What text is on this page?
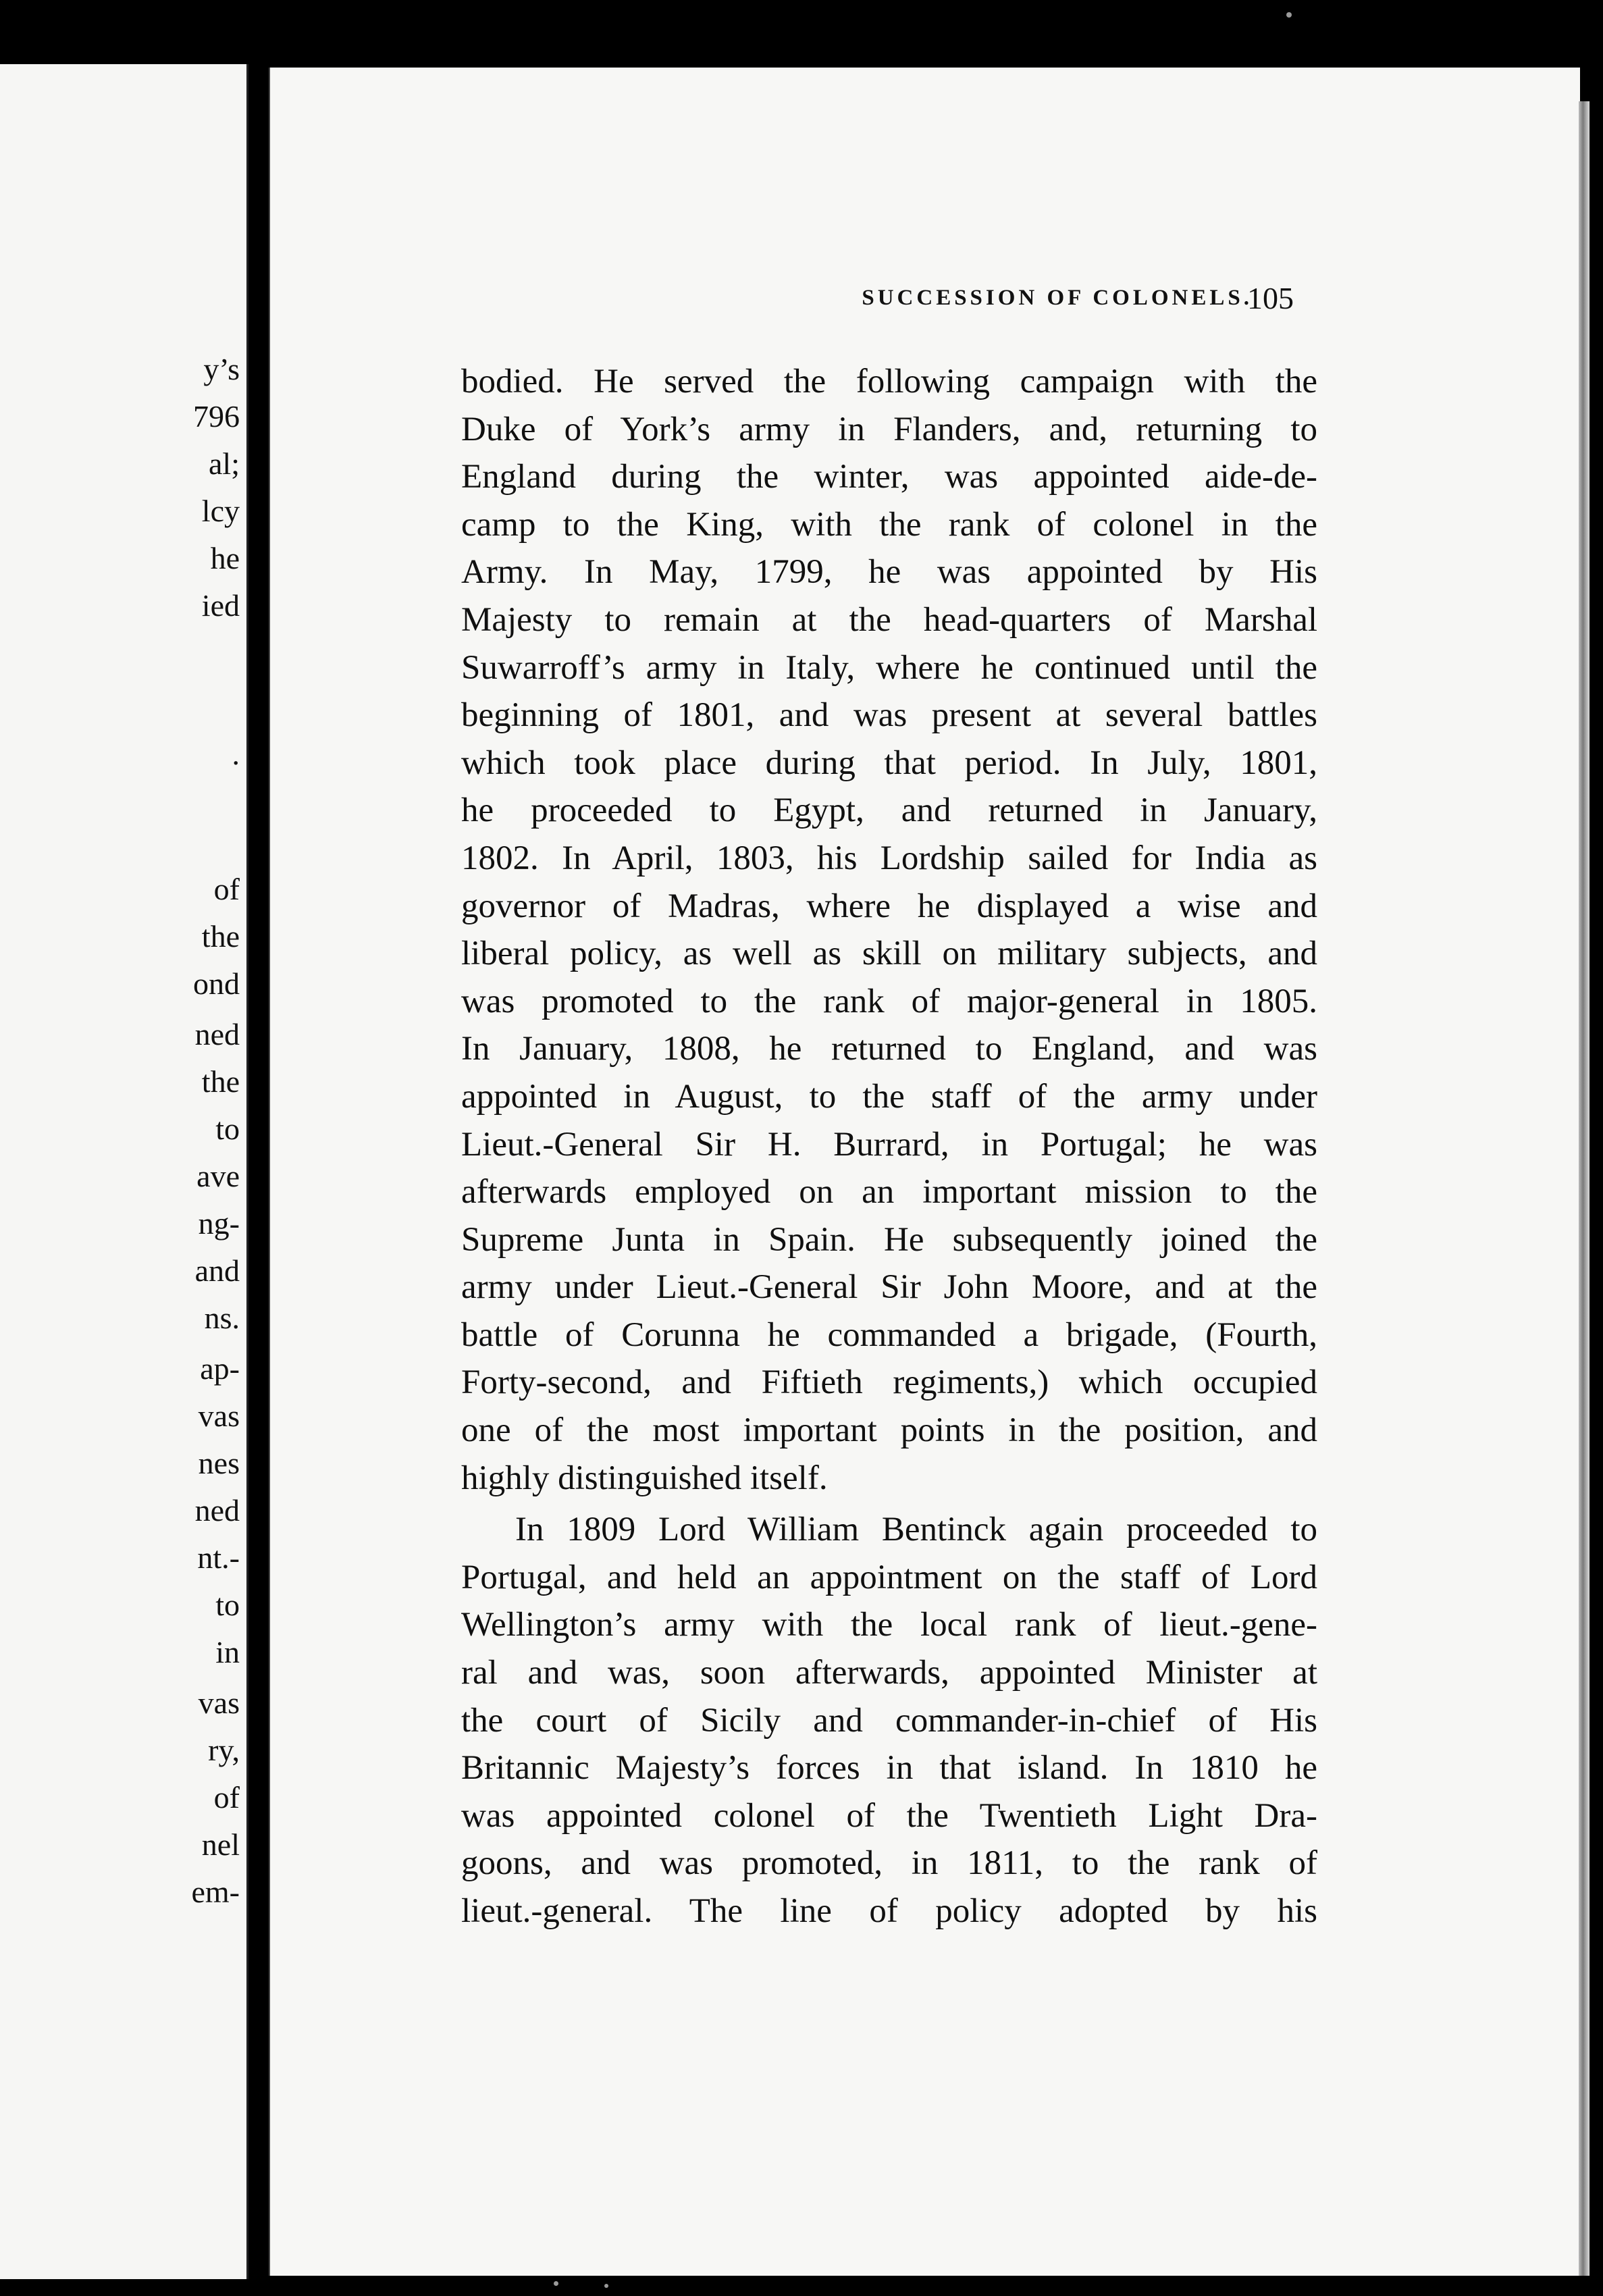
y’s
796
al;
lcy
he
ied
.
of
the
ond
ned
the
to
ave
ng-
and
ns.
ap-
vas
nes
ned
nt.-
to
in
vas
ry,
of
nel
em-
SUCCESSION OF COLONELS.
105
bodied. He served the following campaign with the
Duke of York’s army in Flanders, and, returning to
England during the winter, was appointed aide-de-
camp to the King, with the rank of colonel in the
Army. In May, 1799, he was appointed by His
Majesty to remain at the head-quarters of Marshal
Suwarroff’s army in Italy, where he continued until the
beginning of 1801, and was present at several battles
which took place during that period. In July, 1801,
he proceeded to Egypt, and returned in January,
1802. In April, 1803, his Lordship sailed for India as
governor of Madras, where he displayed a wise and
liberal policy, as well as skill on military subjects, and
was promoted to the rank of major-general in 1805.
In January, 1808, he returned to England, and was
appointed in August, to the staff of the army under
Lieut.-General Sir H. Burrard, in Portugal; he was
afterwards employed on an important mission to the
Supreme Junta in Spain. He subsequently joined the
army under Lieut.-General Sir John Moore, and at the
battle of Corunna he commanded a brigade, (Fourth,
Forty-second, and Fiftieth regiments,) which occupied
one of the most important points in the position, and
highly distinguished itself.
In 1809 Lord William Bentinck again proceeded to
Portugal, and held an appointment on the staff of Lord
Wellington’s army with the local rank of lieut.-gene-
ral and was, soon afterwards, appointed Minister at
the court of Sicily and commander-in-chief of His
Britannic Majesty’s forces in that island. In 1810 he
was appointed colonel of the Twentieth Light Dra-
goons, and was promoted, in 1811, to the rank of
lieut.-general. The line of policy adopted by his
